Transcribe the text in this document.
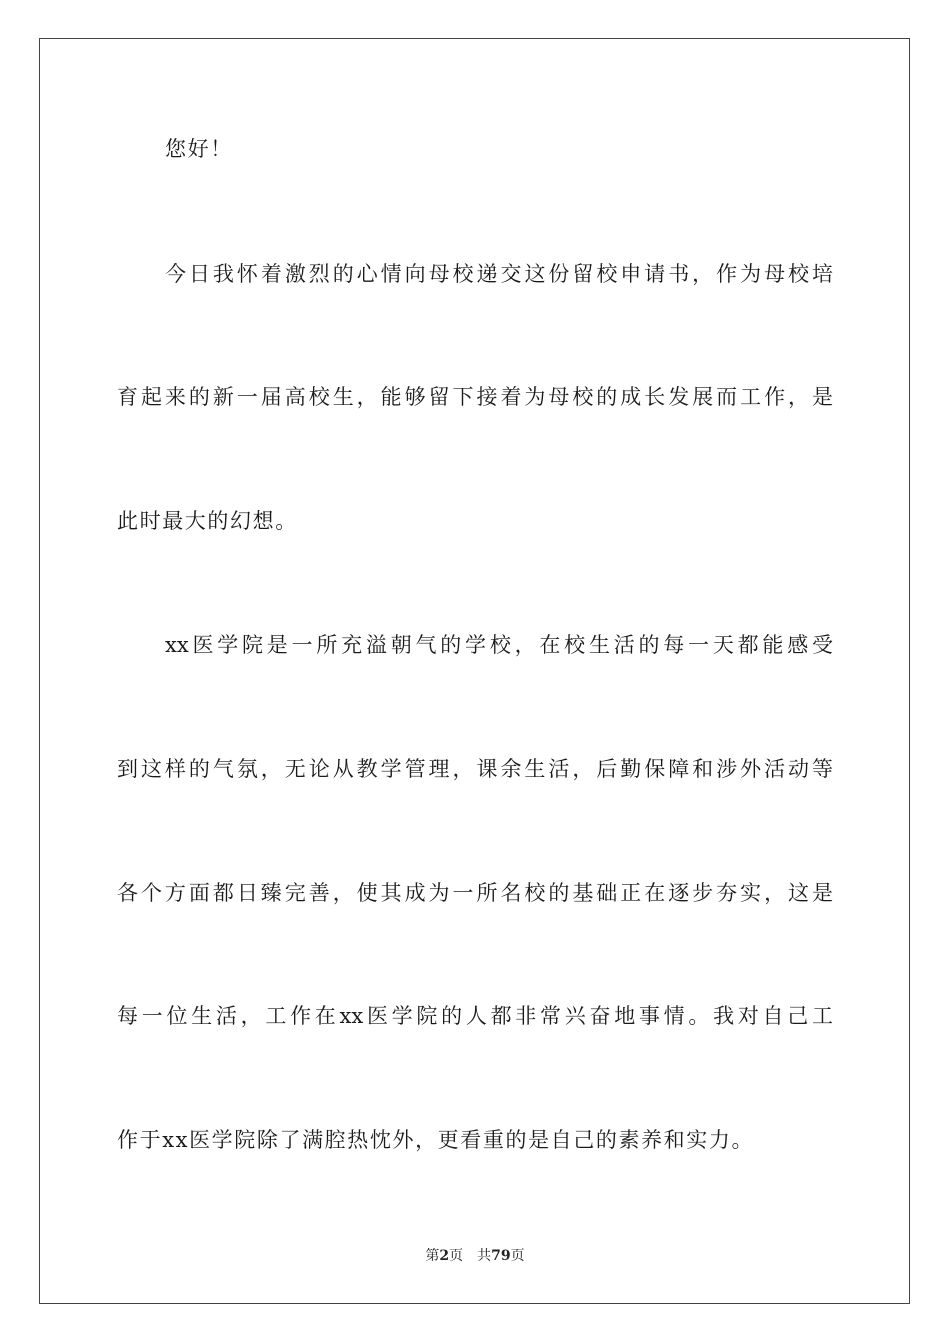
您好！
今日我怀着激烈的心情向母校递交这份留校申请书，作为母校培
育起来的新一届高校生，能够留下接着为母校的成长发展而工作，是
此时最大的幻想。
xx医学院是一所充溢朝气的学校，在校生活的每一天都能感受
到这样的气氛，无论从教学管理，课余生活，后勤保障和涉外活动等
各个方面都日臻完善，使其成为一所名校的基础正在逐步夯实，这是
每一位生活，工作在xx医学院的人都非常兴奋地事情。我对自己工
作于xx医学院除了满腔热忱外，更看重的是自己的素养和实力。
第2页 共79页
